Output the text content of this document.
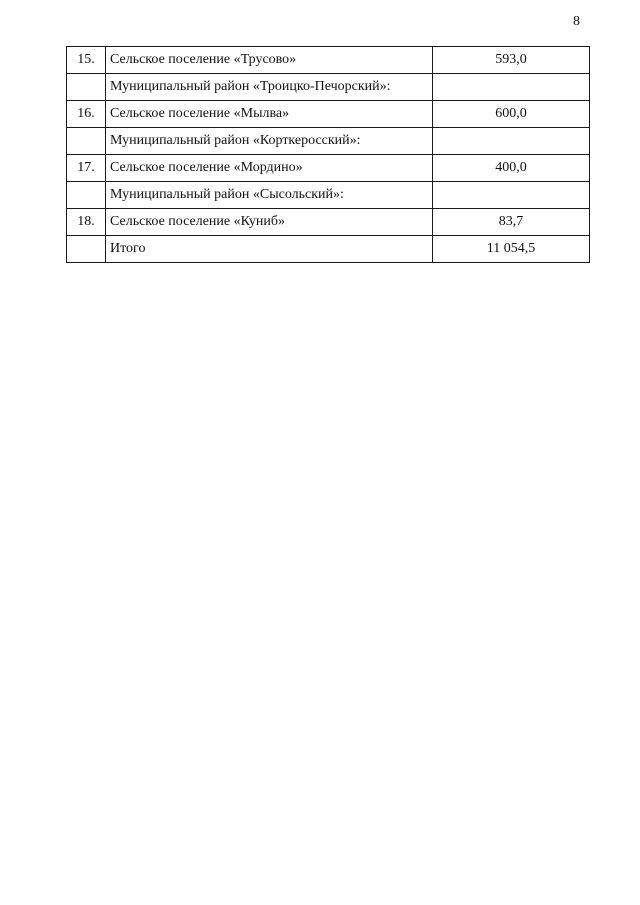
8
15.	Сельское поселение «Трусово»	593,0
	Муниципальный район «Троицко-Печорский»:	
16.	Сельское поселение «Мылва»	600,0
	Муниципальный район «Корткеросский»:	
17.	Сельское поселение «Мордино»	400,0
	Муниципальный район «Сысольский»:	
18.	Сельское поселение «Куниб»	83,7
	Итого	11 054,5
